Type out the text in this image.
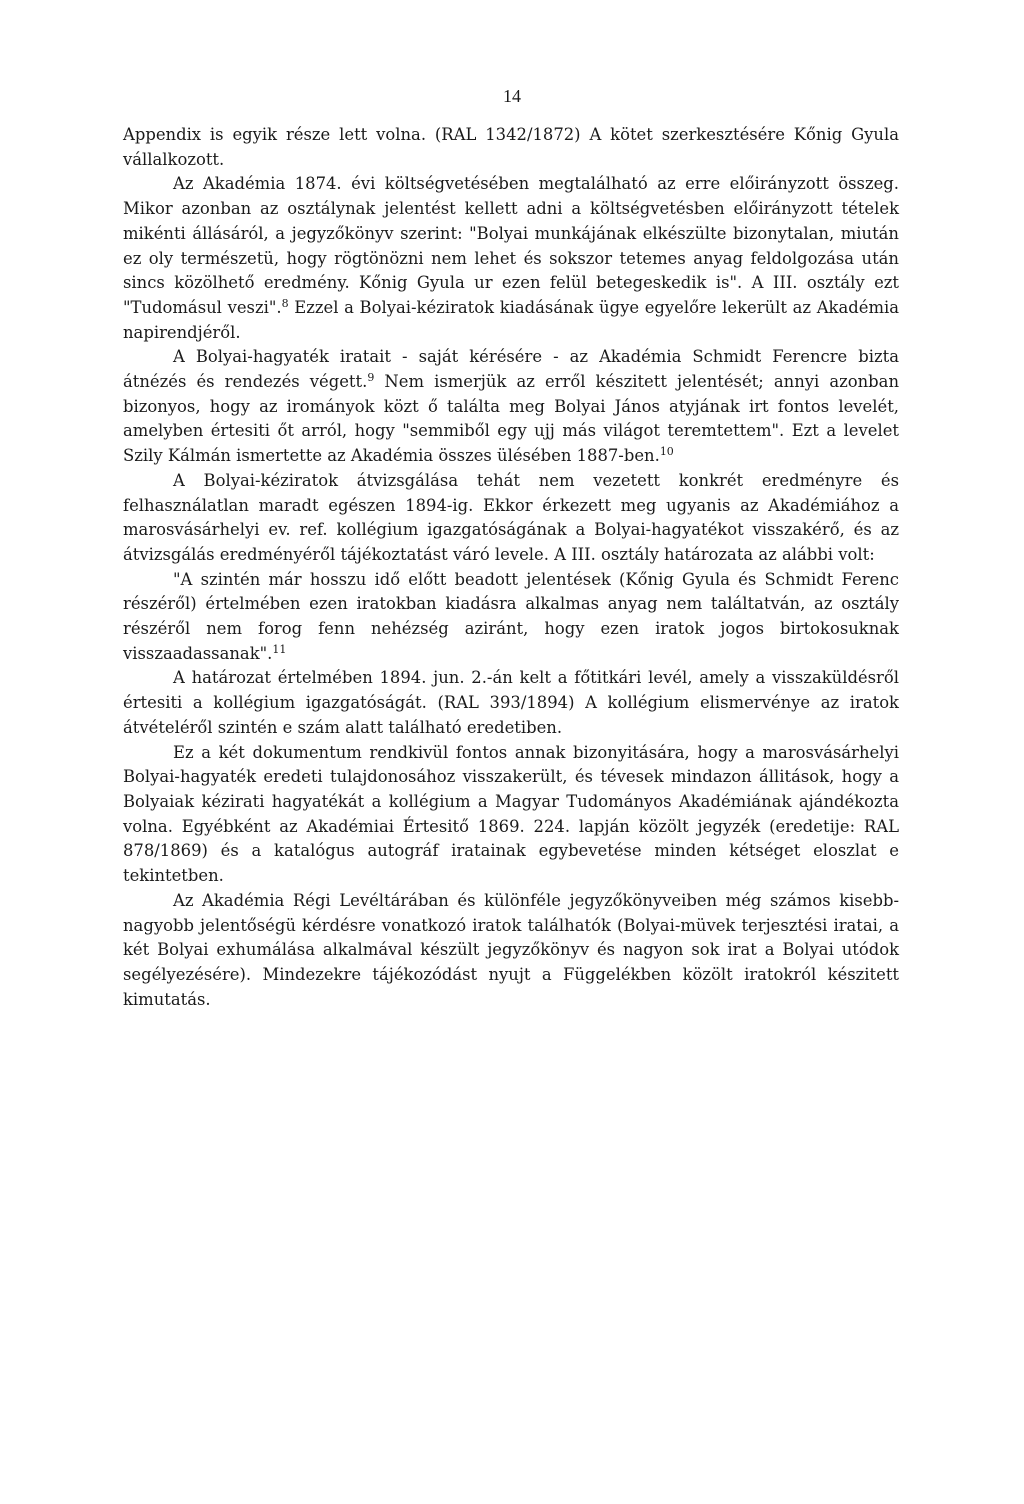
14

Appendix is egyik része lett volna. (RAL 1342/1872) A kötet szerkesztésére Kőnig Gyula vállalkozott.

Az Akadémia 1874. évi költségvetésében megtalálható az erre előirányzott összeg. Mikor azonban az osztálynak jelentést kellett adni a költségvetésben előirányzott tételek mikénti állásáról, a jegyzőkönyv szerint: "Bolyai munkájának elkészülte bizonytalan, miután ez oly természetü, hogy rögtönözni nem lehet és sokszor tetemes anyag feldolgozása után sincs közölhető eredmény. Kőnig Gyula ur ezen felül betegeskedik is". A III. osztály ezt "Tudomásul veszi".$^8$ Ezzel a Bolyai-kéziratok kiadásának ügye egyelőre lekerült az Akadémia napirendjéről.

A Bolyai-hagyaték iratait - saját kérésére - az Akadémia Schmidt Ferencre bizta átnézés és rendezés végett.$^9$ Nem ismerjük az erről készitett jelentését; annyi azonban bizonyos, hogy az irományok közt ő találta meg Bolyai János atyjának irt fontos levelét, amelyben értesiti őt arról, hogy "semmiből egy ujj más világot teremtettem". Ezt a levelet Szily Kálmán ismertette az Akadémia összes ülésében 1887-ben.$^{10}$

A Bolyai-kéziratok átvizsgálása tehát nem vezetett konkrét eredményre és felhasználatlan maradt egészen 1894-ig. Ekkor érkezett meg ugyanis az Akadémiához a marosvásárhelyi ev. ref. kollégium igazgatóságának a Bolyai-hagyatékot visszakérő, és az átvizsgálás eredményéről tájékoztatást váró levele. A III. osztály határozata az alábbi volt:

"A szintén már hosszu idő előtt beadott jelentések (Kőnig Gyula és Schmidt Ferenc részéről) értelmében ezen iratokban kiadásra alkalmas anyag nem találtatván, az osztály részéről nem forog fenn nehézség aziránt, hogy ezen iratok jogos birtokosuknak visszaadassanak".$^{11}$

A határozat értelmében 1894. jun. 2.-án kelt a főtitkári levél, amely a visszaküldésről értesiti a kollégium igazgatóságát. (RAL 393/1894) A kollégium elismervénye az iratok átvételéről szintén e szám alatt található eredetiben.

Ez a két dokumentum rendkivül fontos annak bizonyitására, hogy a marosvásárhelyi Bolyai-hagyaték eredeti tulajdonosához visszakerült, és tévesek mindazon állitások, hogy a Bolyaiak kézirati hagyatékát a kollégium a Magyar Tudományos Akadémiának ajándékozta volna. Egyébként az Akadémiai Értesitő 1869. 224. lapján közölt jegyzék (eredetije: RAL 878/1869) és a katalógus autográf iratainak egybevetése minden kétséget eloszlat e tekintetben.

Az Akadémia Régi Levéltárában és különféle jegyzőkönyveiben még számos kisebb-nagyobb jelentőségü kérdésre vonatkozó iratok találhatók (Bolyai-müvek terjesztési iratai, a két Bolyai exhumálása alkalmával készült jegyzőkönyv és nagyon sok irat a Bolyai utódok segélyezésére). Mindezekre tájékozódást nyujt a Függelékben közölt iratokról készitett kimutatás.
